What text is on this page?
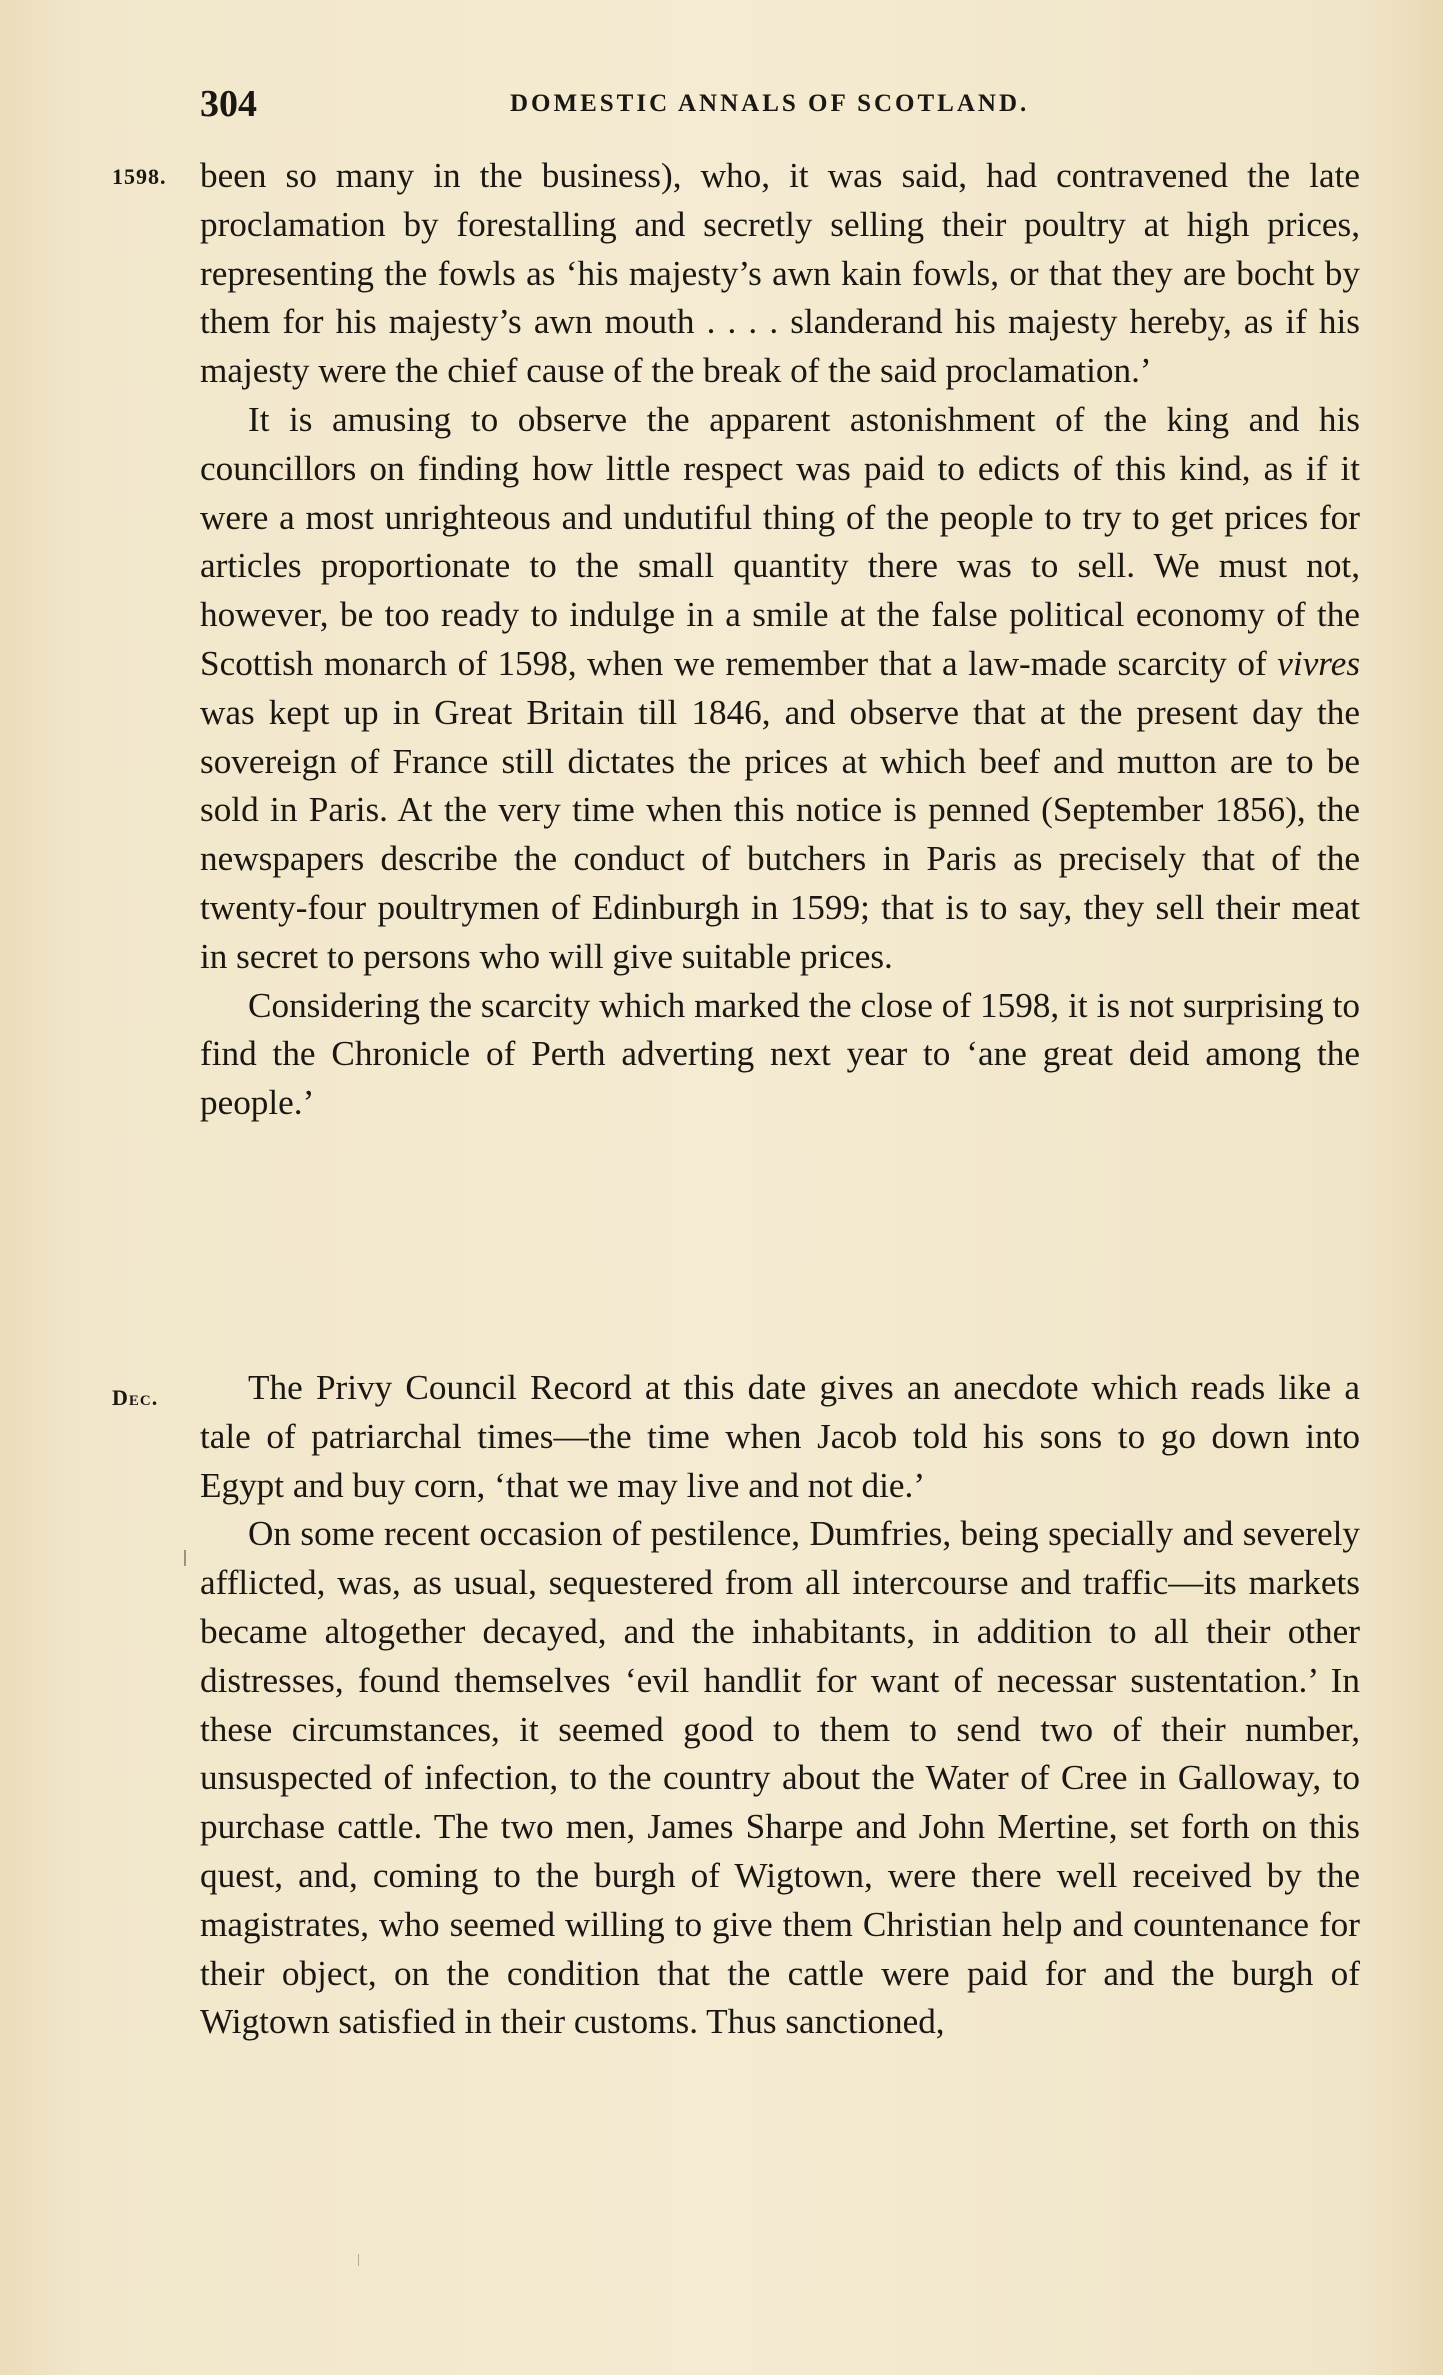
304	DOMESTIC ANNALS OF SCOTLAND.
1598. been so many in the business), who, it was said, had contravened the late proclamation by forestalling and secretly selling their poultry at high prices, representing the fowls as ‘his majesty’s awn kain fowls, or that they are bocht by them for his majesty’s awn mouth . . . . slanderand his majesty hereby, as if his majesty were the chief cause of the break of the said proclamation.’

It is amusing to observe the apparent astonishment of the king and his councillors on finding how little respect was paid to edicts of this kind, as if it were a most unrighteous and undutiful thing of the people to try to get prices for articles proportionate to the small quantity there was to sell. We must not, however, be too ready to indulge in a smile at the false political economy of the Scottish monarch of 1598, when we remember that a law-made scarcity of vivres was kept up in Great Britain till 1846, and observe that at the present day the sovereign of France still dictates the prices at which beef and mutton are to be sold in Paris. At the very time when this notice is penned (September 1856), the newspapers describe the conduct of butchers in Paris as precisely that of the twenty-four poultrymen of Edinburgh in 1599; that is to say, they sell their meat in secret to persons who will give suitable prices.

Considering the scarcity which marked the close of 1598, it is not surprising to find the Chronicle of Perth adverting next year to ‘ane great deid among the people.’

Dec.	The Privy Council Record at this date gives an anecdote which reads like a tale of patriarchal times—the time when Jacob told his sons to go down into Egypt and buy corn, ‘that we may live and not die.’

On some recent occasion of pestilence, Dumfries, being specially and severely afflicted, was, as usual, sequestered from all intercourse and traffic—its markets became altogether decayed, and the inhabitants, in addition to all their other distresses, found themselves ‘evil handlit for want of necessar sustentation.’ In these circumstances, it seemed good to them to send two of their number, unsuspected of infection, to the country about the Water of Cree in Galloway, to purchase cattle. The two men, James Sharpe and John Mertine, set forth on this quest, and, coming to the burgh of Wigtown, were there well received by the magistrates, who seemed willing to give them Christian help and countenance for their object, on the condition that the cattle were paid for and the burgh of Wigtown satisfied in their customs. Thus sanctioned,
